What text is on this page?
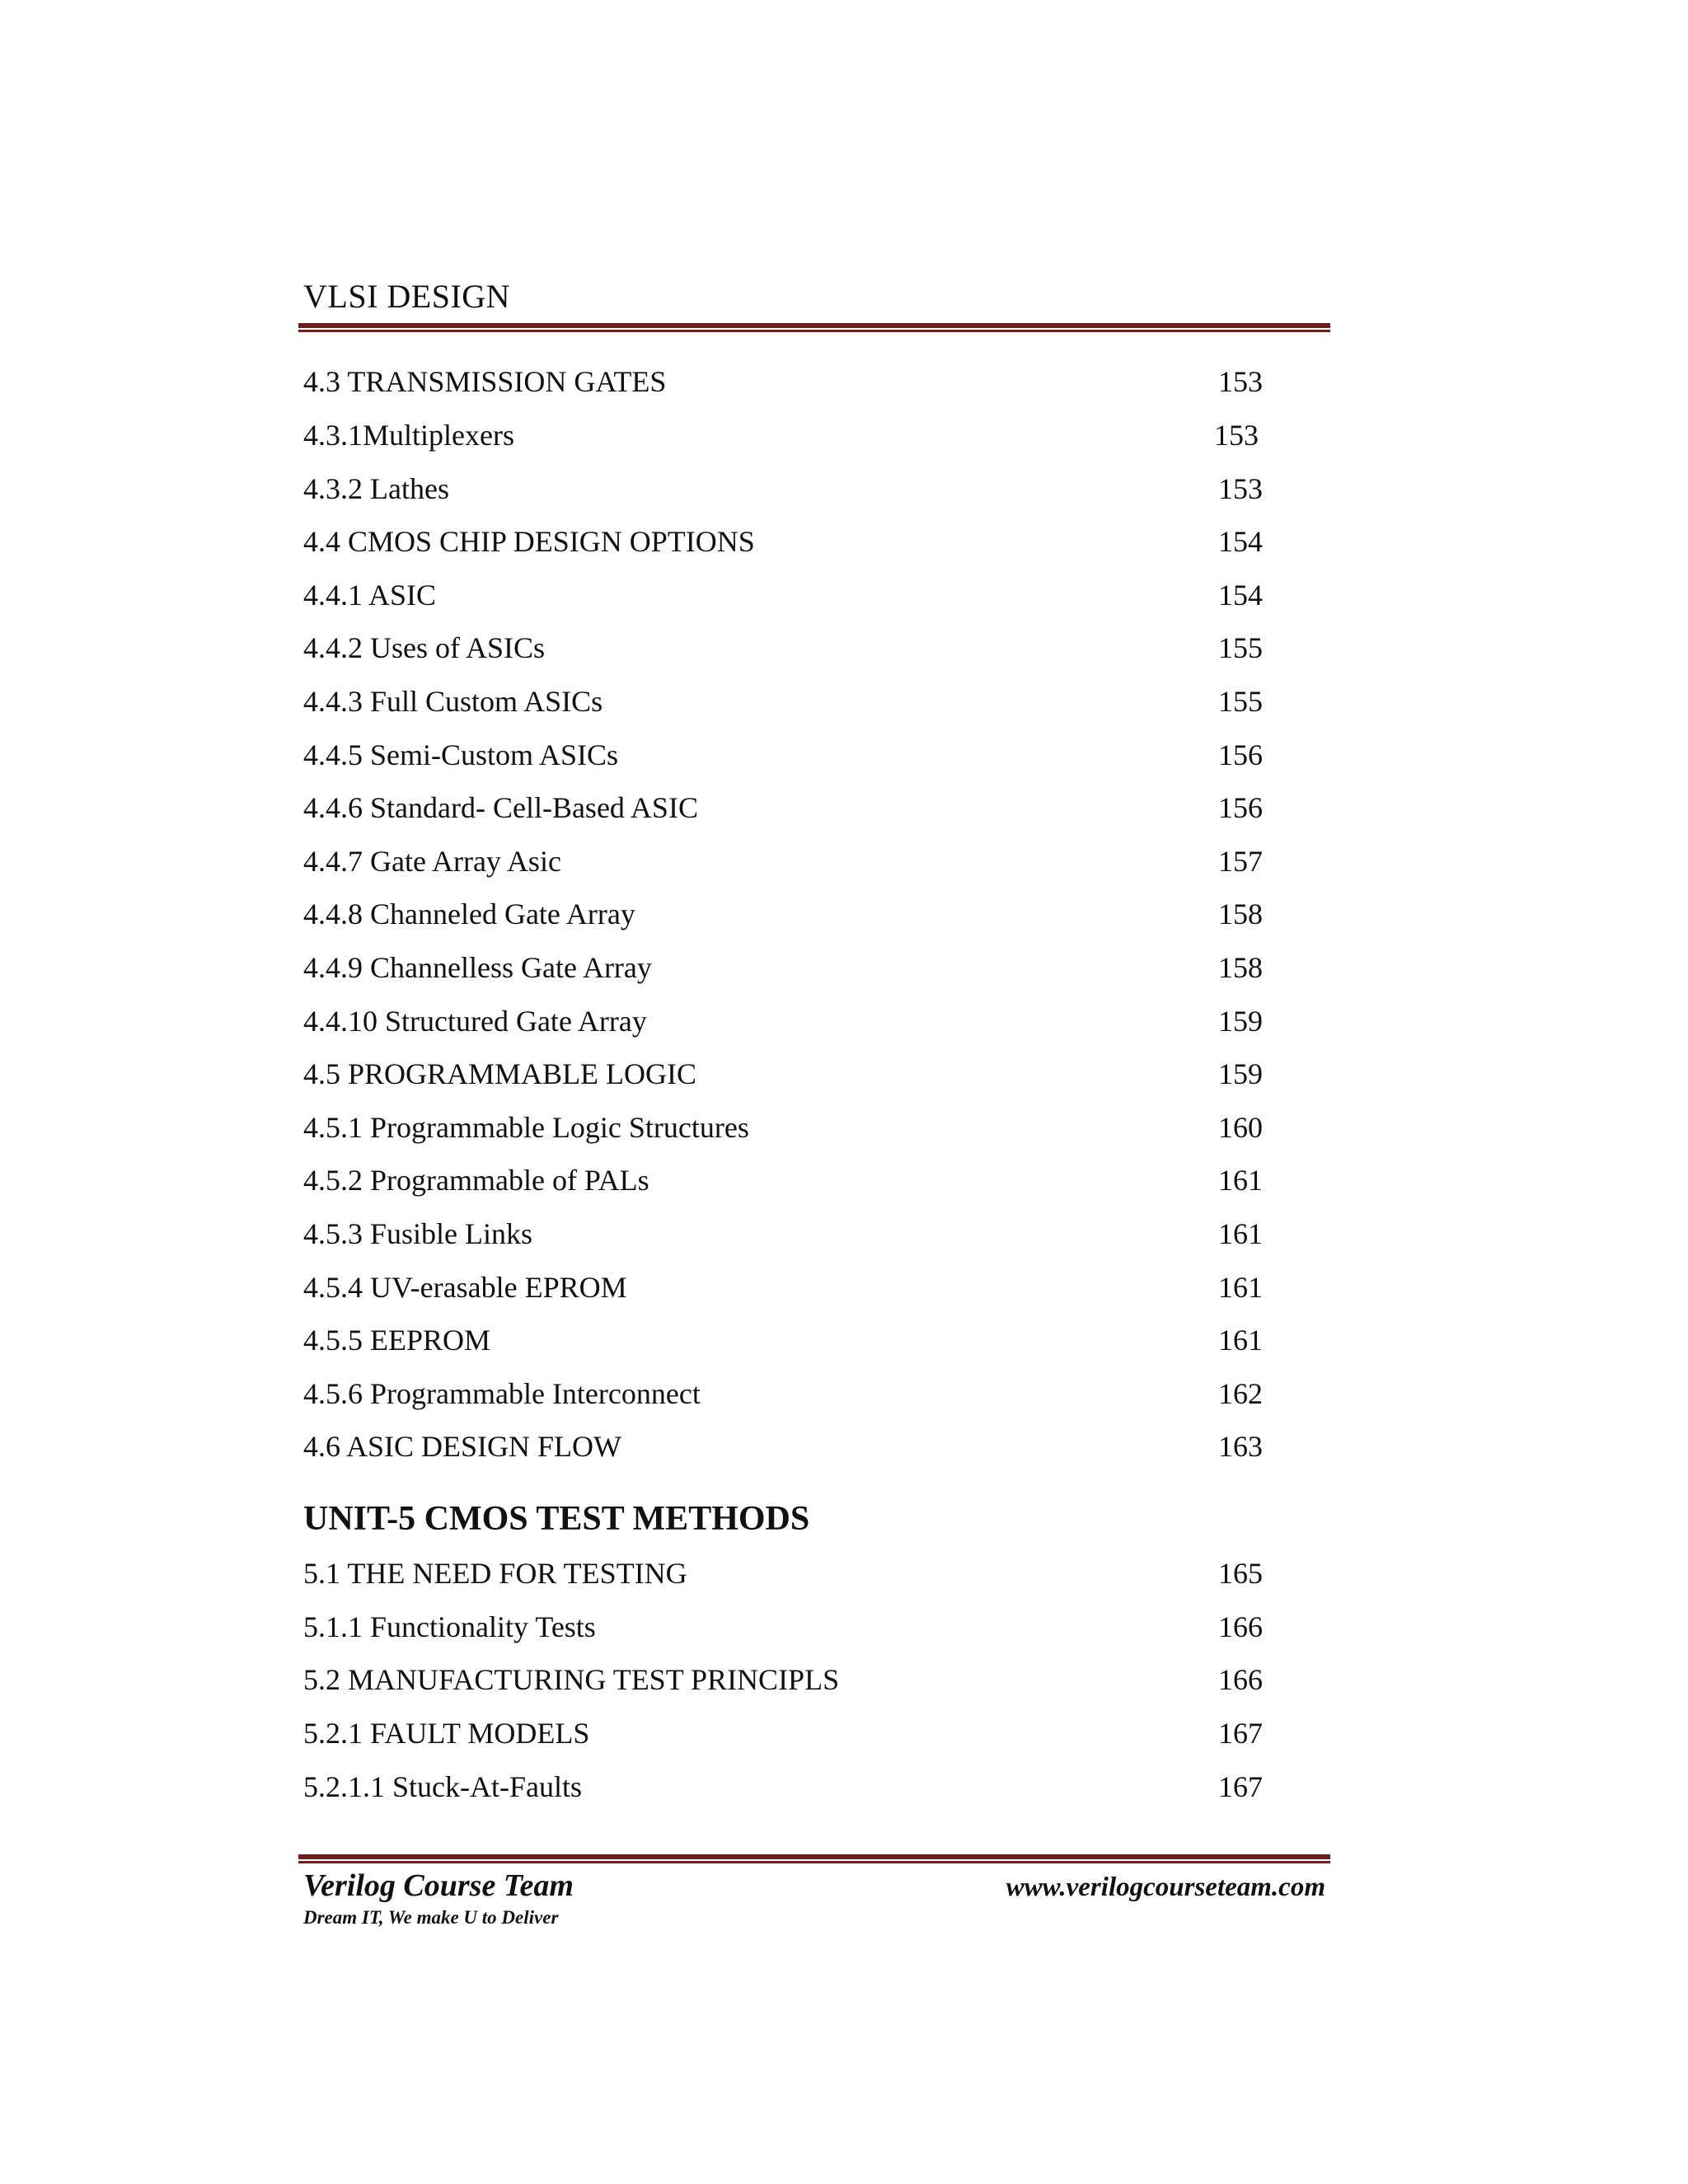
VLSI DESIGN
4.3 TRANSMISSION GATES	153
4.3.1Multiplexers	153
4.3.2 Lathes	153
4.4 CMOS CHIP DESIGN OPTIONS	154
4.4.1 ASIC	154
4.4.2 Uses of ASICs	155
4.4.3 Full Custom ASICs	155
4.4.5 Semi-Custom ASICs	156
4.4.6 Standard- Cell-Based ASIC	156
4.4.7 Gate Array Asic	157
4.4.8 Channeled Gate Array	158
4.4.9 Channelless Gate Array	158
4.4.10 Structured Gate Array	159
4.5 PROGRAMMABLE LOGIC	159
4.5.1 Programmable Logic Structures	160
4.5.2 Programmable of PALs	161
4.5.3 Fusible Links	161
4.5.4 UV-erasable EPROM	161
4.5.5 EEPROM	161
4.5.6 Programmable Interconnect	162
4.6 ASIC DESIGN FLOW	163
UNIT-5 CMOS TEST METHODS
5.1 THE NEED FOR TESTING	165
5.1.1 Functionality Tests	166
5.2 MANUFACTURING TEST PRINCIPLS	166
5.2.1 FAULT MODELS	167
5.2.1.1 Stuck-At-Faults	167
Verilog Course Team
Dream IT, We make U to Deliver
www.verilogcourseteam.com
